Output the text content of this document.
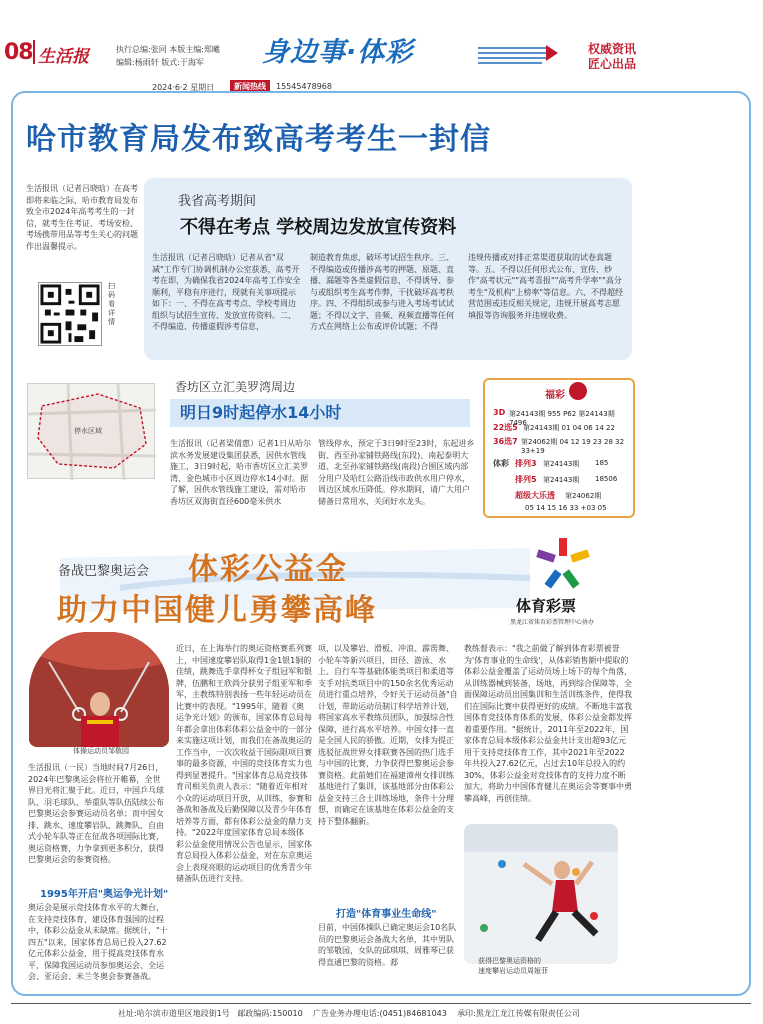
08 生活报	执行总编:张同 本版主编:郑曦
编辑:杨雨轩 版式:于海军 身边事·体彩	权威资讯
匠心出品
2024·6·2 星期日	新闻热线	15545478968
哈市教育局发布致高考考生一封信
生活报讯（记者吕晓晗）在高考即将来临之际，哈市教育局发布致全市2024年高考考生的一封信，就考生住考证、考场安检、考场携带用品等考生关心的问题作出温馨提示。
扫码看详情
我省高考期间
不得在考点 学校周边发放宣传资料
生活报讯（记者吕晓晗）记者从省"双减"工作专门协调机制办公室获悉，高考开考在即，为确保我省2024年高考工作安全顺利，平稳有序进行，现就有关事项提示如下：一、不得在高考考点、学校考周边组织与试招生宣传、发放宣传资料。二、不得编造、传播虚假涉考信息，
制造教育焦虑，破坏考试招生秩序。三、不得编造或传播涉高考的押题、原题、直播、漏题等各类虚假信息，不得诱导、参与或组织考生高考作弊，干扰破坏高考秩序。四、不得组织或参与进入考场考试试题；不得以文字、音频、视频直播等任何方式在网络上公布或评价试题；不得
违规传播或对排正常渠道获取的试卷真题等。五、不得以任何形式公布、宣传、炒作"高考状元""高考喜报""高考升学率""高分考生"及机构"上榜率"等信息。六、不得超经营范围或违反相关规定，违规开展高考志愿填报等咨询服务并违规收费。
停水区域
香坊区立汇美罗湾周边
明日9时起停水14小时
生活报讯（记者梁倩惠）记者1日从哈尔滨水务发展建设集团获悉，因供水管线施工，3日9时起，哈市香坊区立汇美罗湾、金色城市小区周边停水14小时。据了解，因供水管线施工建设，需对哈市香坊区双海街直径600毫米供水
管线停水，预定于3日9时至23时，东起进乡街、西至孙家铺铁路线(东段)、南起泰明大道、北至孙家铺铁路线(南段)合围区域内部分用户及哈红公路沿线市政供水用户停水，周边区域水压降低。停水期间，请广大用户储备日常用水，关闭好水龙头。
福彩
3D 第24143期 955 P62 第24143期 7496
22选5 第24143期 01 04 06 14 22
36选7 第24062期 04 12 19 23 28 32 33+19
体彩 排列3 第24143期 185
排列5 第24143期 18506
超级大乐透 第24062期
05 14 15 16 33 +03 05
备战巴黎奥运会 体彩公益金
助力中国健儿勇攀高峰	体育彩票
黑龙江省体育彩票管理中心协办
体操运动员邹敬园
生活报讯（一民）当地时间7月26日，2024年巴黎奥运会将拉开帷幕，全世界目光将汇聚于此。近日，中国乒乓球队、羽毛球队、举重队等队伍陆续公布巴黎奥运会参赛运动员名单；而中国女排、跳水、速度攀岩队、跳舞队、自由式小轮车队等正在征战各项国际比赛，奥运资格赛，力争拿到更多积分，获得巴黎奥运会的参赛资格。
1995年开启"奥运争光计划"
奥运会是展示竞技体育水平的大舞台，在支持竞技体育，建设体育强国的过程中，体彩公益金从未缺席。据统计，"十四五"以来，国家体育总局已投入27.62亿元体彩公益金，用于提高竞技体育水平，保障我国运动员参加奥运会、全运会、亚运会、米兰冬奥会参赛备战。
近日，在上海举行的奥运资格赛系列赛上，中国速度攀岩队取得1金1银1铜的佳绩，跳舞选手拿得杯女子组冠军和银牌，伍鹏和王欣尚分获男子组亚军和季军，主教练特别表扬一些年轻运动员在比赛中的表现。"1995年，随着《奥运争光计划》的颁布，国家体育总局每年都会拿出体彩体彩公益金中的一部分来实施这项计划，而我们在备战奥运的工作当中，一次次收益于国际限项目赛事的最多资源，中国的竞技体育实力也得到显著提升。"国家体育总局竞技体育司相关负责人表示："随着近年相对小众的运动项目开放，从训练、参赛和备战和备战及后勤保障以及青少年体育培养等方面，都有体彩公益金的鼎力支持。"2022年度国家体育总局本级体彩公益金使用情况公告也显示，国家体育总局投入体彩公益金，对在东京奥运会上表现亮眼的运动项目的优秀青少年储备队伍进行支持。
项，以及攀岩、滑板、冲浪、霹雳舞、小轮车等新兴项目，田径、游泳、水上、自行车等基础体能类项目和柔道等支手对抗类项目中的150余名优秀运动员进行重点培养，令好关于运动员备"自计划，带助运动员制订科学培养计划，将国家高水平教练员团队，加强综合性保障，进行高水平培养。中国女排一直是全国人民的骄傲。近期，女排为提正选驳征战世界女排联赛各国的热门选手与中国的比赛，力争获得巴黎奥运会参赛资格。此前她们在福建漳州女排训练基地进行了集训，该基地部分由体彩公益金支持三合土训练场地，条件十分理想，而确定在该基地在体彩公益金的支持下整体翻新。
打造"体育事业生命线"
目前，中国体操队已确定奥运会10名队员的巴黎奥运会备战大名单，其中男队的邹敬园，女队的邱琪琪、周雅琴已获得直通巴黎的资格。郄
教练督表示："我之前做了解到体育彩票被誉为'体育事业的生命线'，从体彩销售额中提取的体彩公益金覆盖了运动员场上场下的每个角落，从训练器械到装备，场地，再到综合保障等，全面保障运动员出国集训和生活训练条件，使得我们在国际比赛中获得更好的成绩。不断地丰富我国体育竞技体育体系的发展，体彩公益金都发挥着重要作用。"据统计，2011年至2022年，国家体育总局本级体彩公益金共计支出超93亿元用于支持竞技体育工作，其中2021年至2022年共投入27.62亿元，占过去10年总投入的约30%，体彩公益金对竞技体育的支持力度不断加大，将助力中国体育健儿在奥运会等赛事中勇攀高峰，再创佳绩。
获得巴黎奥运资格的
速度攀岩运动员周娅菲
社址:哈尔滨市道里区地段街1号 邮政编码:150010 广告业务办理电话:(0451)84681043 承印:黑龙江龙江传媒有限责任公司
